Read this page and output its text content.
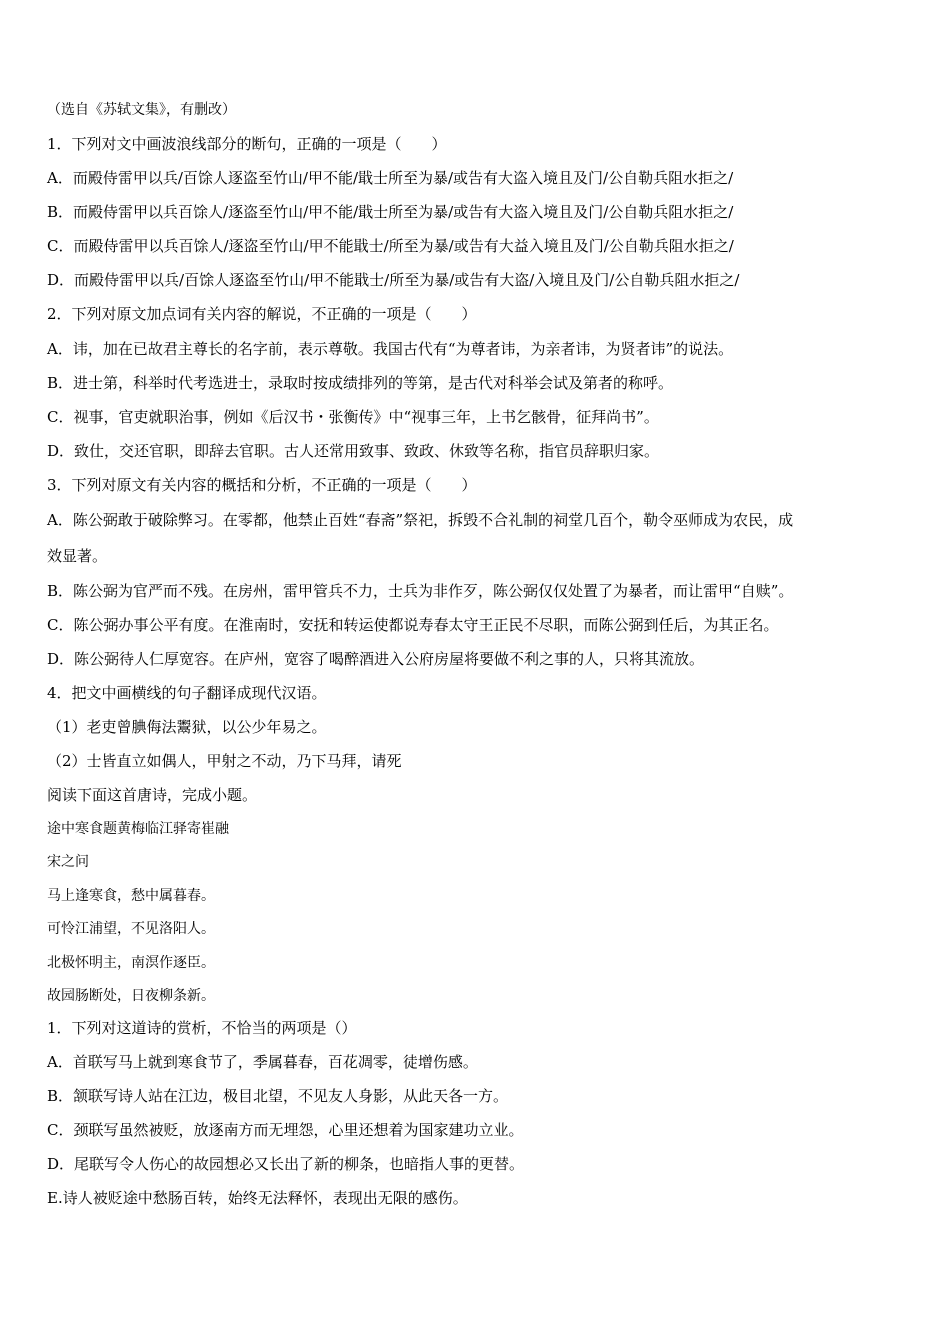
（选自《苏轼文集》，有删改）
1．下列对文中画波浪线部分的断句，正确的一项是（　　）
A．而殿侍雷甲以兵/百馀人逐盗至竹山/甲不能/戢士所至为暴/或告有大盗入境且及门/公自勒兵阻水拒之/
B．而殿侍雷甲以兵百馀人/逐盗至竹山/甲不能/戢士所至为暴/或告有大盗入境且及门/公自勒兵阻水拒之/
C．而殿侍雷甲以兵百馀人/逐盗至竹山/甲不能戢士/所至为暴/或告有大益入境且及门/公自勒兵阻水拒之/
D．而殿侍雷甲以兵/百馀人逐盗至竹山/甲不能戢士/所至为暴/或告有大盗/入境且及门/公自勒兵阻水拒之/
2．下列对原文加点词有关内容的解说，不正确的一项是（　　）
A．讳，加在已故君主尊长的名字前，表示尊敬。我国古代有“为尊者讳，为亲者讳，为贤者讳”的说法。
B．进士第，科举时代考选进士，录取时按成绩排列的等第，是古代对科举会试及第者的称呼。
C．视事，官吏就职治事，例如《后汉书・张衡传》中“视事三年，上书乞骸骨，征拜尚书”。
D．致仕，交还官职，即辞去官职。古人还常用致事、致政、休致等名称，指官员辞职归家。
3．下列对原文有关内容的概括和分析，不正确的一项是（　　）
A．陈公弼敢于破除弊习。在零都，他禁止百姓“春斋”祭祀，拆毁不合礼制的祠堂几百个，勒令巫师成为农民，成
效显著。
B．陈公弼为官严而不残。在房州，雷甲管兵不力，士兵为非作歹，陈公弼仅仅处置了为暴者，而让雷甲“自赎”。
C．陈公弼办事公平有度。在淮南时，安抚和转运使都说寿春太守王正民不尽职，而陈公弼到任后，为其正名。
D．陈公弼待人仁厚宽容。在庐州，宽容了喝醉酒进入公府房屋将要做不利之事的人，只将其流放。
4．把文中画横线的句子翻译成现代汉语。
（1）老吏曾腆侮法鬻狱，以公少年易之。
（2）士皆直立如偶人，甲射之不动，乃下马拜，请死
阅读下面这首唐诗，完成小题。
途中寒食题黄梅临江驿寄崔融
宋之问
马上逢寒食，愁中属暮春。
可怜江浦望，不见洛阳人。
北极怀明主，南溟作逐臣。
故园肠断处，日夜柳条新。
1．下列对这道诗的赏析，不恰当的两项是（）
A．首联写马上就到寒食节了，季属暮春，百花凋零，徒增伤感。
B．颔联写诗人站在江边，极目北望，不见友人身影，从此天各一方。
C．颈联写虽然被贬，放逐南方而无埋怨，心里还想着为国家建功立业。
D．尾联写令人伤心的故园想必又长出了新的柳条，也暗指人事的更替。
E.诗人被贬途中愁肠百转，始终无法释怀，表现出无限的感伤。
